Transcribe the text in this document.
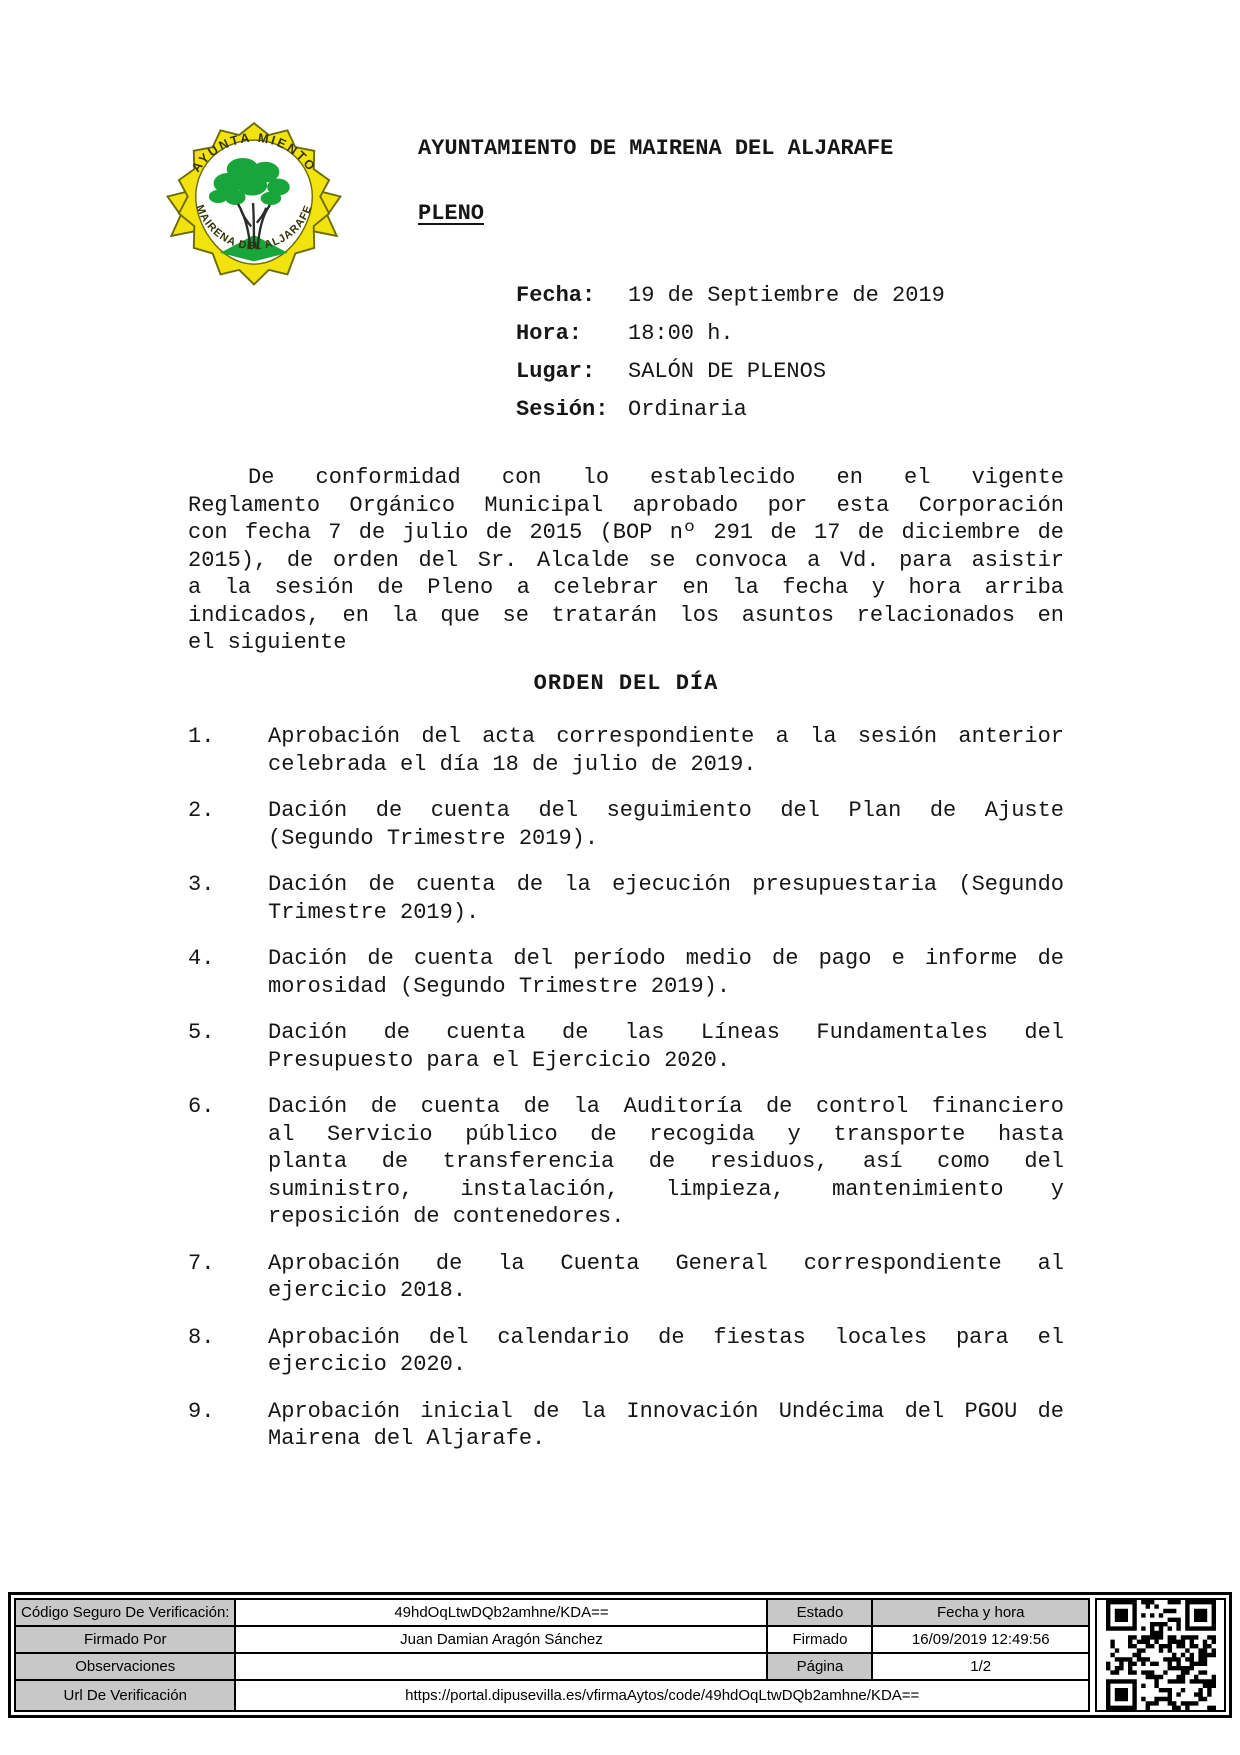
AYUNTA MIENTO
MAIRENA DEL ALJARAFE
AYUNTAMIENTO DE MAIRENA DEL ALJARAFE
PLENO
Fecha:	19 de Septiembre de 2019
Hora:	18:00 h.
Lugar:	SALÓN DE PLENOS
Sesión: Ordinaria
De conformidad con lo establecido en el vigente
Reglamento Orgánico Municipal aprobado por esta Corporación
con fecha 7 de julio de 2015 (BOP nº 291 de 17 de diciembre de
2015), de orden del Sr. Alcalde se convoca a Vd. para asistir
a la sesión de Pleno a celebrar en la fecha y hora arriba
indicados, en la que se tratarán los asuntos relacionados en
el siguiente
ORDEN DEL DÍA
1.	Aprobación del acta correspondiente a la sesión anterior
celebrada el día 18 de julio de 2019.
2.	Dación de cuenta del seguimiento del Plan de Ajuste
(Segundo Trimestre 2019).
3.	Dación de cuenta de la ejecución presupuestaria (Segundo
Trimestre 2019).
4.	Dación de cuenta del período medio de pago e informe de
morosidad (Segundo Trimestre 2019).
5.	Dación de cuenta de las Líneas Fundamentales del
Presupuesto para el Ejercicio 2020.
6.	Dación de cuenta de la Auditoría de control financiero
al Servicio público de recogida y transporte hasta
planta de transferencia de residuos, así como del
suministro, instalación, limpieza, mantenimiento y
reposición de contenedores.
7.	Aprobación de la Cuenta General correspondiente al
ejercicio 2018.
8.	Aprobación del calendario de fiestas locales para el
ejercicio 2020.
9.	Aprobación inicial de la Innovación Undécima del PGOU de
Mairena del Aljarafe.
Código Seguro De Verificación:	49hdOqLtwDQb2amhne/KDA==	Estado	Fecha y hora
Firmado Por	Juan Damian Aragón Sánchez	Firmado	16/09/2019 12:49:56
Observaciones		Página	1/2
Url De Verificación	https://portal.dipusevilla.es/vfirmaAytos/code/49hdOqLtwDQb2amhne/KDA==		
